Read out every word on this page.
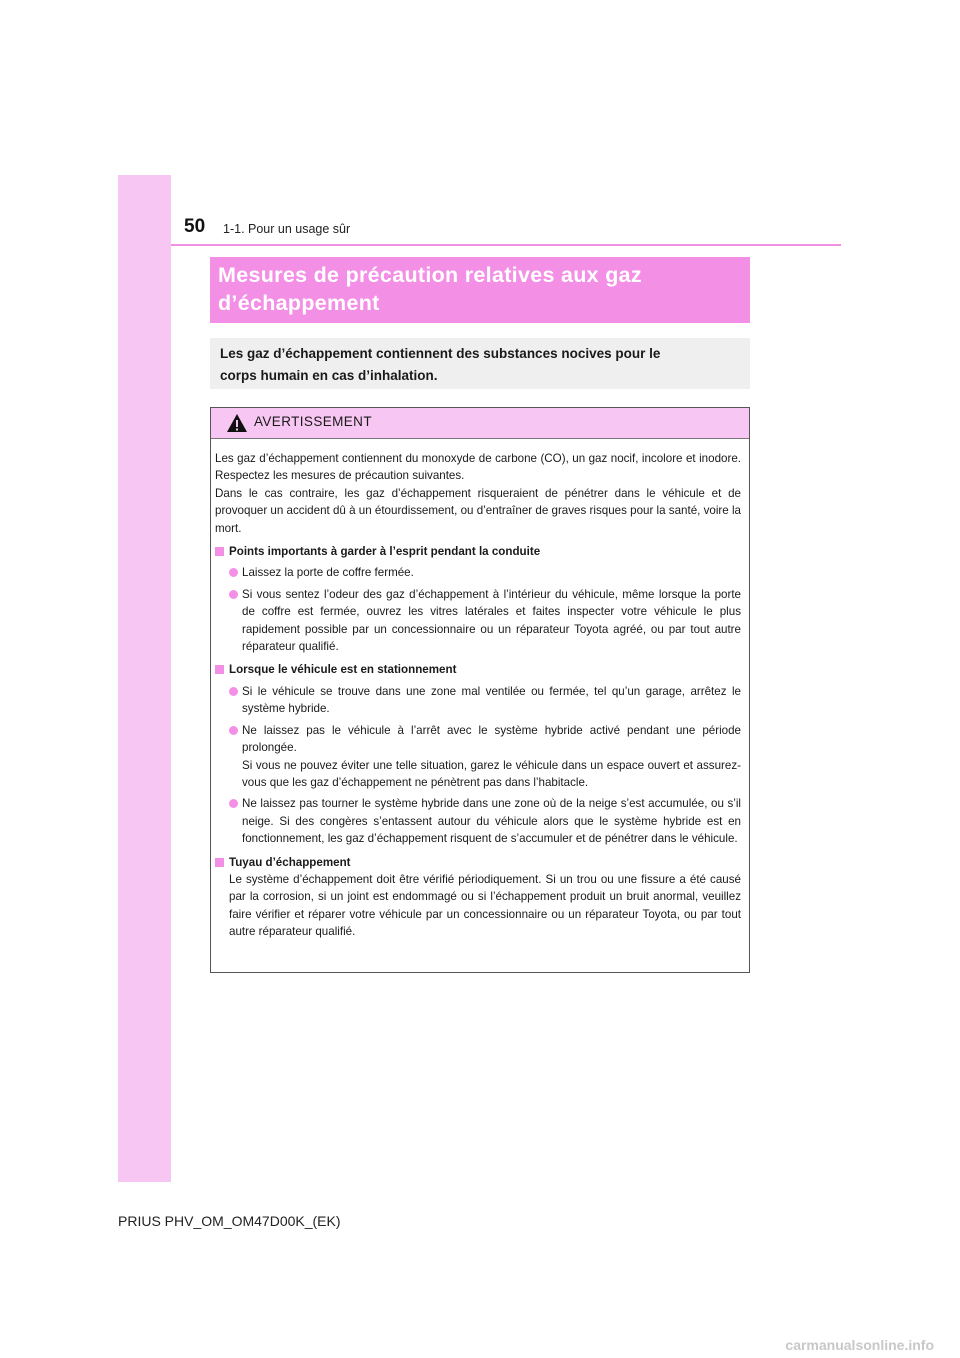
50 1-1. Pour un usage sûr
Mesures de précaution relatives aux gaz
d’échappement
Les gaz d’échappement contiennent des substances nocives pour le
corps humain en cas d’inhalation.
AVERTISSEMENT

Les gaz d’échappement contiennent du monoxyde de carbone (CO), un gaz nocif, incolore et inodore. Respectez les mesures de précaution suivantes.

Dans le cas contraire, les gaz d’échappement risqueraient de pénétrer dans le véhicule et de provoquer un accident dû à un étourdissement, ou d’entraîner de graves risques pour la santé, voire la mort.

Points importants à garder à l’esprit pendant la conduite
Laissez la porte de coffre fermée.
Si vous sentez l’odeur des gaz d’échappement à l’intérieur du véhicule, même lorsque la porte de coffre est fermée, ouvrez les vitres latérales et faites inspecter votre véhicule le plus rapidement possible par un concessionnaire ou un réparateur Toyota agréé, ou par tout autre réparateur qualifié.
Lorsque le véhicule est en stationnement
Si le véhicule se trouve dans une zone mal ventilée ou fermée, tel qu’un garage, arrêtez le système hybride.
Ne laissez pas le véhicule à l’arrêt avec le système hybride activé pendant une période prolongée.
Si vous ne pouvez éviter une telle situation, garez le véhicule dans un espace ouvert et assurez-vous que les gaz d’échappement ne pénètrent pas dans l’habitacle.
Ne laissez pas tourner le système hybride dans une zone où de la neige s’est accumulée, ou s’il neige. Si des congères s’entassent autour du véhicule alors que le système hybride est en fonctionnement, les gaz d’échappement risquent de s’accumuler et de pénétrer dans le véhicule.
Tuyau d’échappement

Le système d’échappement doit être vérifié périodiquement. Si un trou ou une fissure a été causé par la corrosion, si un joint est endommagé ou si l’échappement produit un bruit anormal, veuillez faire vérifier et réparer votre véhicule par un concessionnaire ou un réparateur Toyota, ou par tout autre réparateur qualifié.

PRIUS PHV_OM_OM47D00K_(EK)
carmanualsonline.info
